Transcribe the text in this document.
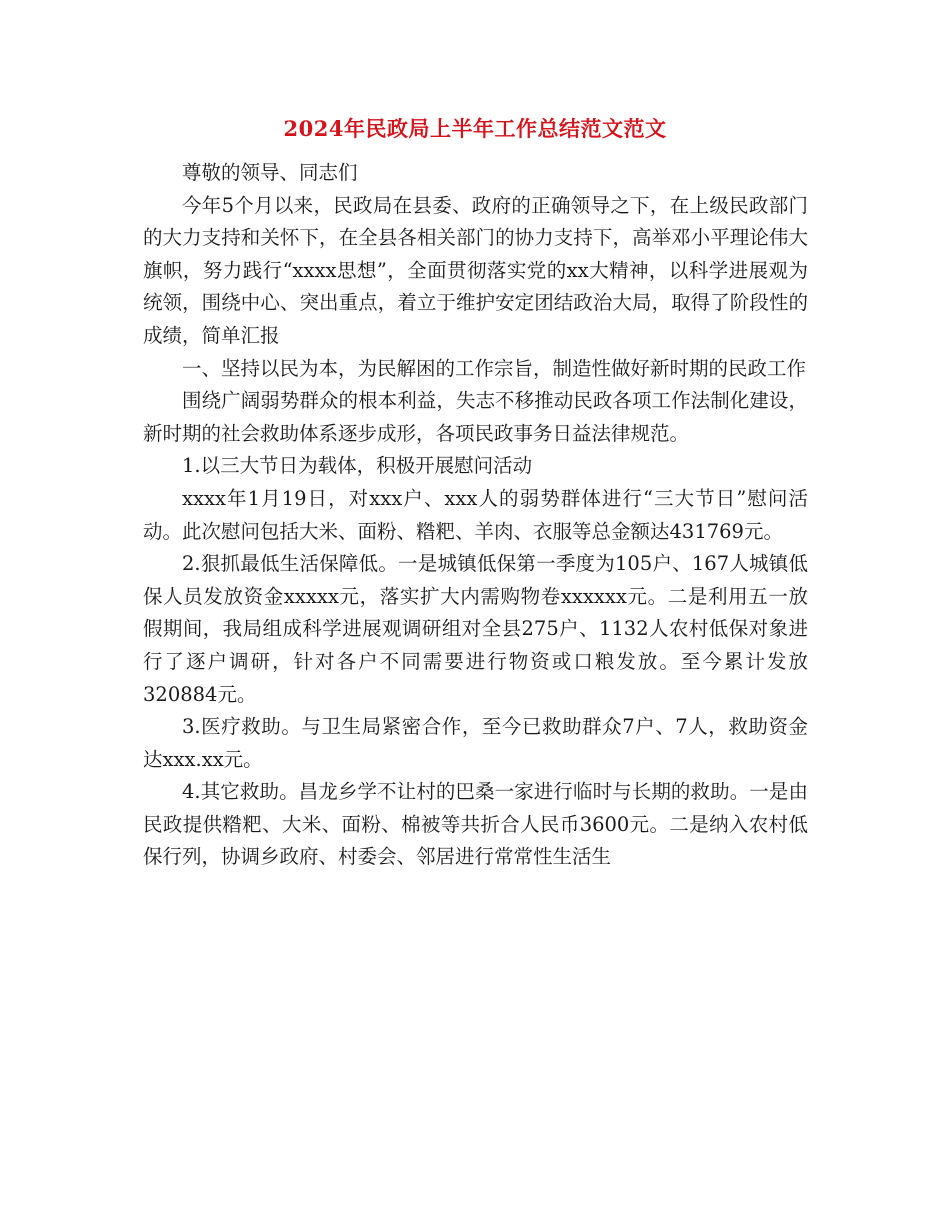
2024年民政局上半年工作总结范文范文

尊敬的领导、同志们

今年5个月以来，民政局在县委、政府的正确领导之下，在上级民政部门的大力支持和关怀下，在全县各相关部门的协力支持下，高举邓小平理论伟大旗帜，努力践行“xxxx思想”，全面贯彻落实党的xx大精神，以科学进展观为统领，围绕中心、突出重点，着立于维护安定团结政治大局，取得了阶段性的成绩，简单汇报

一、坚持以民为本，为民解困的工作宗旨，制造性做好新时期的民政工作

围绕广阔弱势群众的根本利益，失志不移推动民政各项工作法制化建设，新时期的社会救助体系逐步成形，各项民政事务日益法律规范。

1.以三大节日为载体，积极开展慰问活动

xxxx年1月19日，对xxx户、xxx人的弱势群体进行“三大节日”慰问活动。此次慰问包括大米、面粉、糌粑、羊肉、衣服等总金额达431769元。

2.狠抓最低生活保障低。一是城镇低保第一季度为105户、167人城镇低保人员发放资金xxxxx元，落实扩大内需购物卷xxxxxx元。二是利用五一放假期间，我局组成科学进展观调研组对全县275户、1132人农村低保对象进行了逐户调研，针对各户不同需要进行物资或口粮发放。至今累计发放320884元。

3.医疗救助。与卫生局紧密合作，至今已救助群众7户、7人，救助资金达xxx.xx元。

4.其它救助。昌龙乡学不让村的巴桑一家进行临时与长期的救助。一是由民政提供糌粑、大米、面粉、棉被等共折合人民币3600元。二是纳入农村低保行列，协调乡政府、村委会、邻居进行常常性生活生
